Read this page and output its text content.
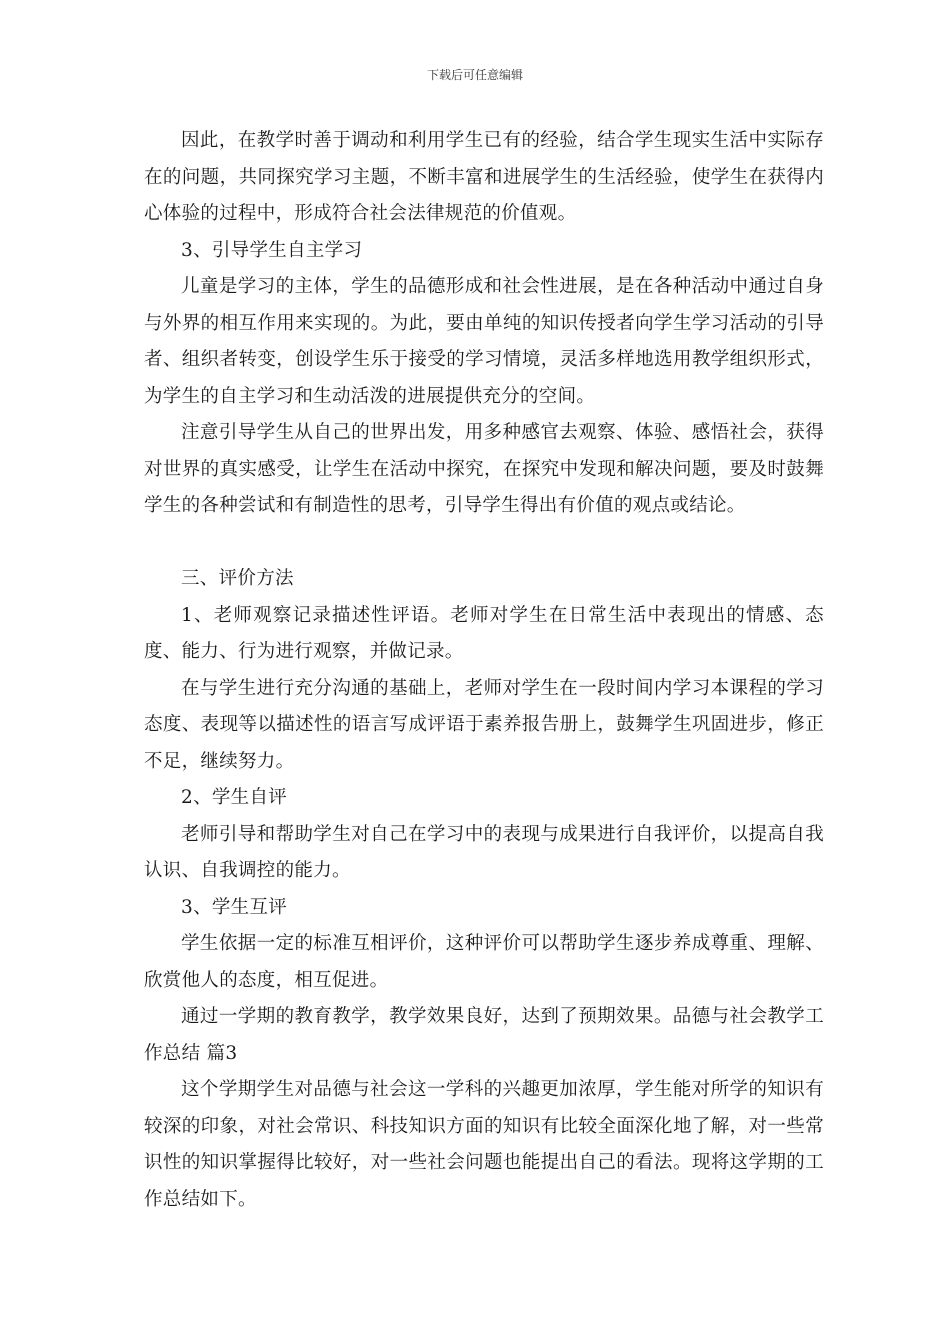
下载后可任意编辑

因此，在教学时善于调动和利用学生已有的经验，结合学生现实生活中实际存在的问题，共同探究学习主题，不断丰富和进展学生的生活经验，使学生在获得内心体验的过程中，形成符合社会法律规范的价值观。

3、引导学生自主学习

儿童是学习的主体，学生的品德形成和社会性进展，是在各种活动中通过自身与外界的相互作用来实现的。为此，要由单纯的知识传授者向学生学习活动的引导者、组织者转变，创设学生乐于接受的学习情境，灵活多样地选用教学组织形式，为学生的自主学习和生动活泼的进展提供充分的空间。

注意引导学生从自己的世界出发，用多种感官去观察、体验、感悟社会，获得对世界的真实感受，让学生在活动中探究，在探究中发现和解决问题，要及时鼓舞学生的各种尝试和有制造性的思考，引导学生得出有价值的观点或结论。

三、评价方法

1、老师观察记录描述性评语。老师对学生在日常生活中表现出的情感、态度、能力、行为进行观察，并做记录。

在与学生进行充分沟通的基础上，老师对学生在一段时间内学习本课程的学习态度、表现等以描述性的语言写成评语于素养报告册上，鼓舞学生巩固进步，修正不足，继续努力。

2、学生自评

老师引导和帮助学生对自己在学习中的表现与成果进行自我评价，以提高自我认识、自我调控的能力。

3、学生互评

学生依据一定的标准互相评价，这种评价可以帮助学生逐步养成尊重、理解、欣赏他人的态度，相互促进。

通过一学期的教育教学，教学效果良好，达到了预期效果。品德与社会教学工作总结 篇3

这个学期学生对品德与社会这一学科的兴趣更加浓厚，学生能对所学的知识有较深的印象，对社会常识、科技知识方面的知识有比较全面深化地了解，对一些常识性的知识掌握得比较好，对一些社会问题也能提出自己的看法。现将这学期的工作总结如下。
